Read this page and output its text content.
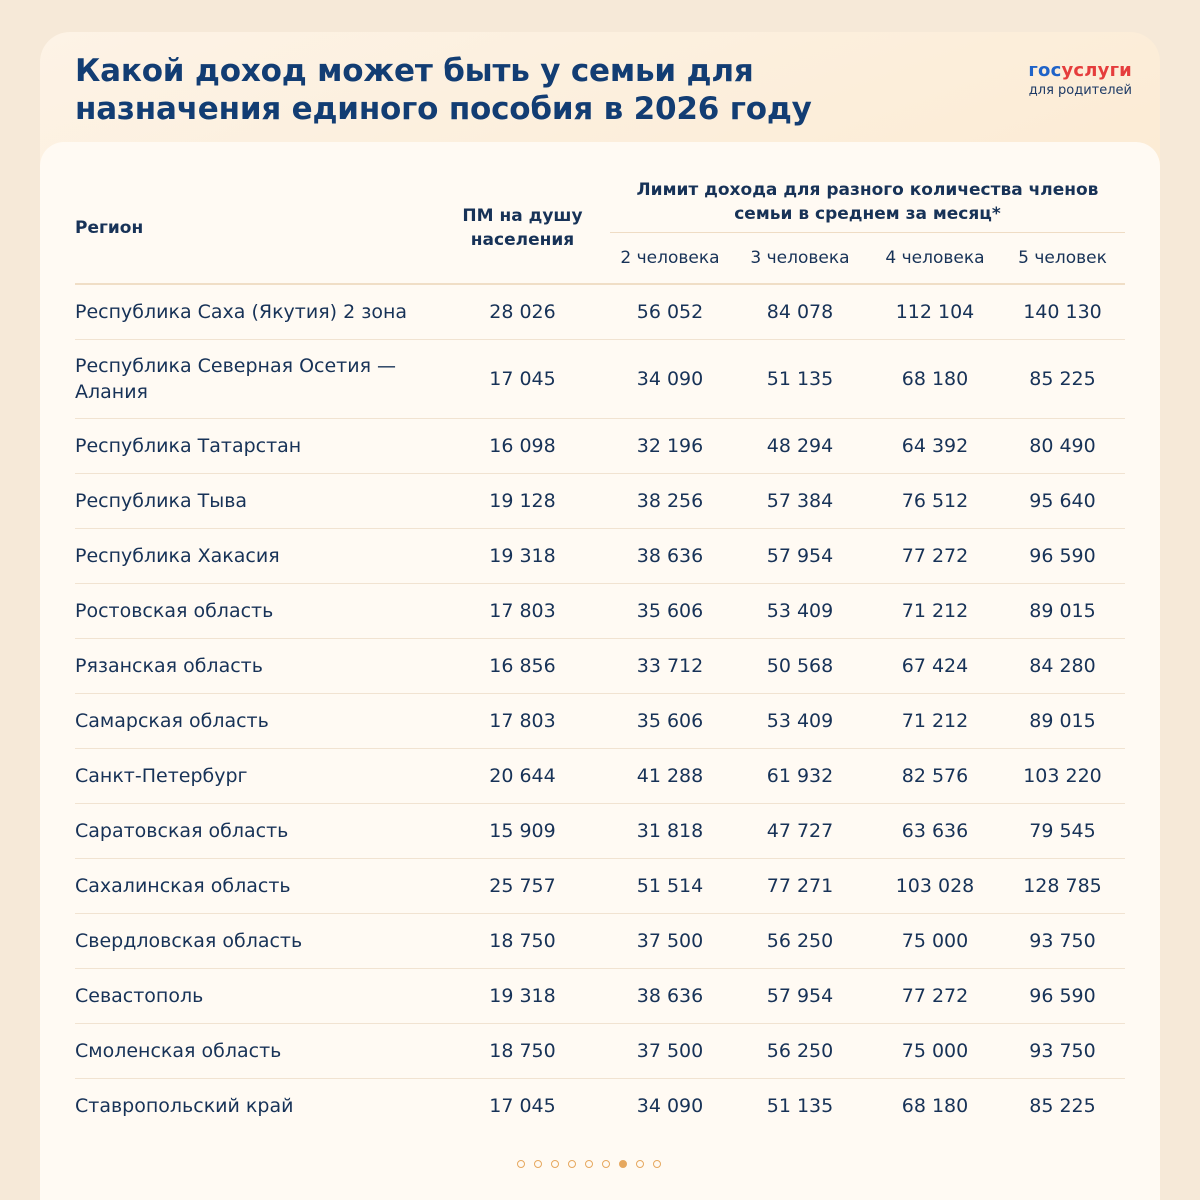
Какой доход может быть у семьи для назначения единого пособия в 2026 году
госуслуги
для родителей
Регион	ПМ на душу населения	Лимит дохода для разного количества членов семьи в среднем за месяц*			
		2 человека	3 человека	4 человека	5 человек
Республика Саха (Якутия) 2 зона	28 026	56 052	84 078	112 104	140 130
Республика Северная Осетия — Алания	17 045	34 090	51 135	68 180	85 225
Республика Татарстан	16 098	32 196	48 294	64 392	80 490
Республика Тыва	19 128	38 256	57 384	76 512	95 640
Республика Хакасия	19 318	38 636	57 954	77 272	96 590
Ростовская область	17 803	35 606	53 409	71 212	89 015
Рязанская область	16 856	33 712	50 568	67 424	84 280
Самарская область	17 803	35 606	53 409	71 212	89 015
Санкт-Петербург	20 644	41 288	61 932	82 576	103 220
Саратовская область	15 909	31 818	47 727	63 636	79 545
Сахалинская область	25 757	51 514	77 271	103 028	128 785
Свердловская область	18 750	37 500	56 250	75 000	93 750
Севастополь	19 318	38 636	57 954	77 272	96 590
Смоленская область	18 750	37 500	56 250	75 000	93 750
Ставропольский край	17 045	34 090	51 135	68 180	85 225
